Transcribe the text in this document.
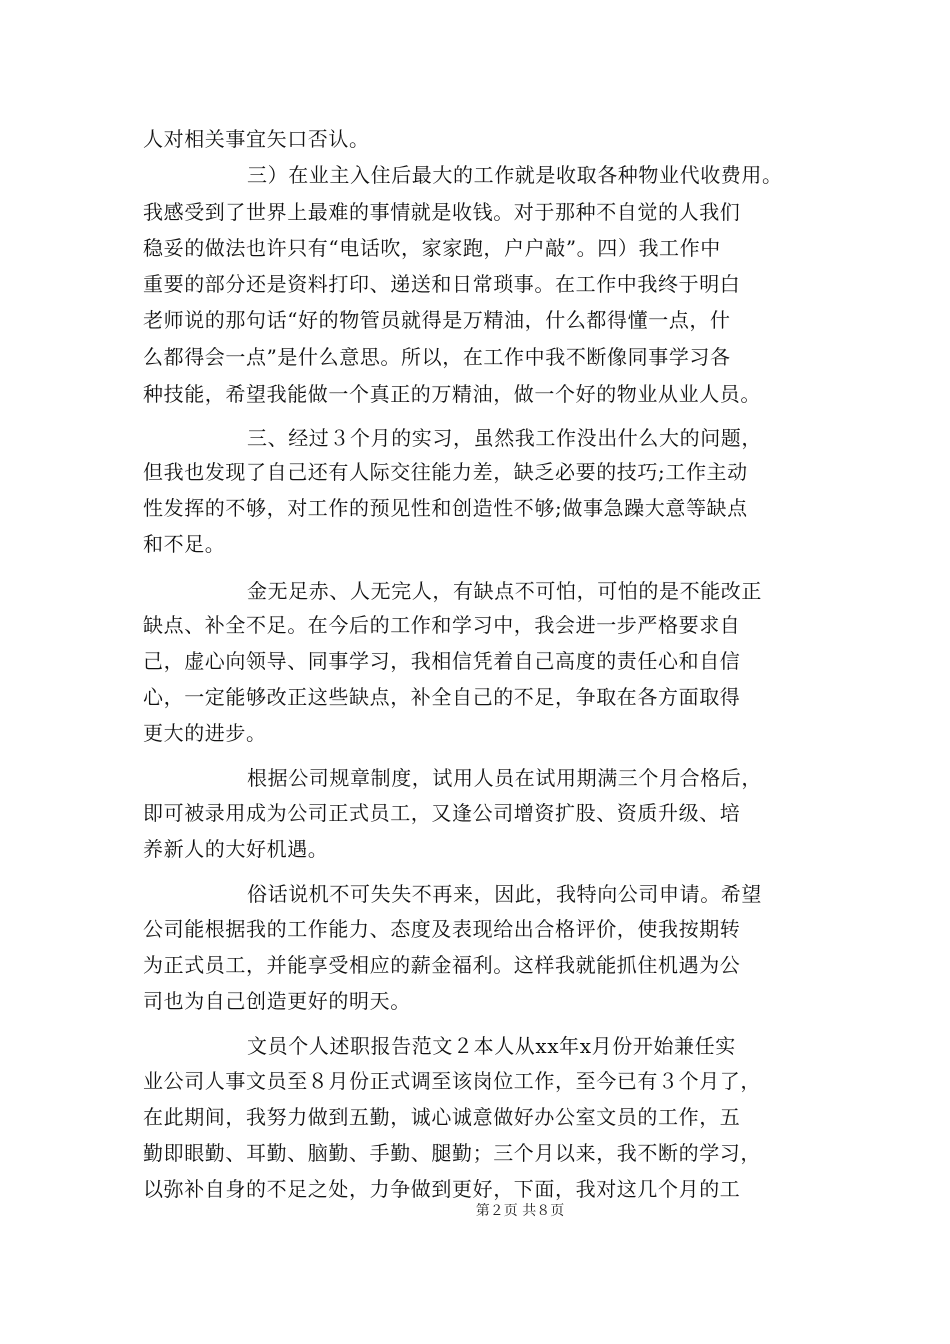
人对相关事宜矢口否认。
三）在业主入住后最大的工作就是收取各种物业代收费用。
我感受到了世界上最难的事情就是收钱。对于那种不自觉的人我们
稳妥的做法也许只有“电话吹，家家跑，户户敲”。四）我工作中
重要的部分还是资料打印、递送和日常琐事。在工作中我终于明白
老师说的那句话“好的物管员就得是万精油，什么都得懂一点，什
么都得会一点”是什么意思。所以，在工作中我不断像同事学习各
种技能，希望我能做一个真正的万精油，做一个好的物业从业人员。
三、经过３个月的实习，虽然我工作没出什么大的问题，
但我也发现了自己还有人际交往能力差，缺乏必要的技巧;工作主动
性发挥的不够，对工作的预见性和创造性不够;做事急躁大意等缺点
和不足。
金无足赤、人无完人，有缺点不可怕，可怕的是不能改正
缺点、补全不足。在今后的工作和学习中，我会进一步严格要求自
己，虚心向领导、同事学习，我相信凭着自己高度的责任心和自信
心，一定能够改正这些缺点，补全自己的不足，争取在各方面取得
更大的进步。
根据公司规章制度，试用人员在试用期满三个月合格后，
即可被录用成为公司正式员工，又逢公司增资扩股、资质升级、培
养新人的大好机遇。
俗话说机不可失失不再来，因此，我特向公司申请。希望
公司能根据我的工作能力、态度及表现给出合格评价，使我按期转
为正式员工，并能享受相应的薪金福利。这样我就能抓住机遇为公
司也为自己创造更好的明天。
文员个人述职报告范文２本人从xx年x月份开始兼任实
业公司人事文员至８月份正式调至该岗位工作，至今已有３个月了，
在此期间，我努力做到五勤，诚心诚意做好办公室文员的工作，五
勤即眼勤、耳勤、脑勤、手勤、腿勤；三个月以来，我不断的学习，
以弥补自身的不足之处，力争做到更好，下面，我对这几个月的工
第２页 共８页
